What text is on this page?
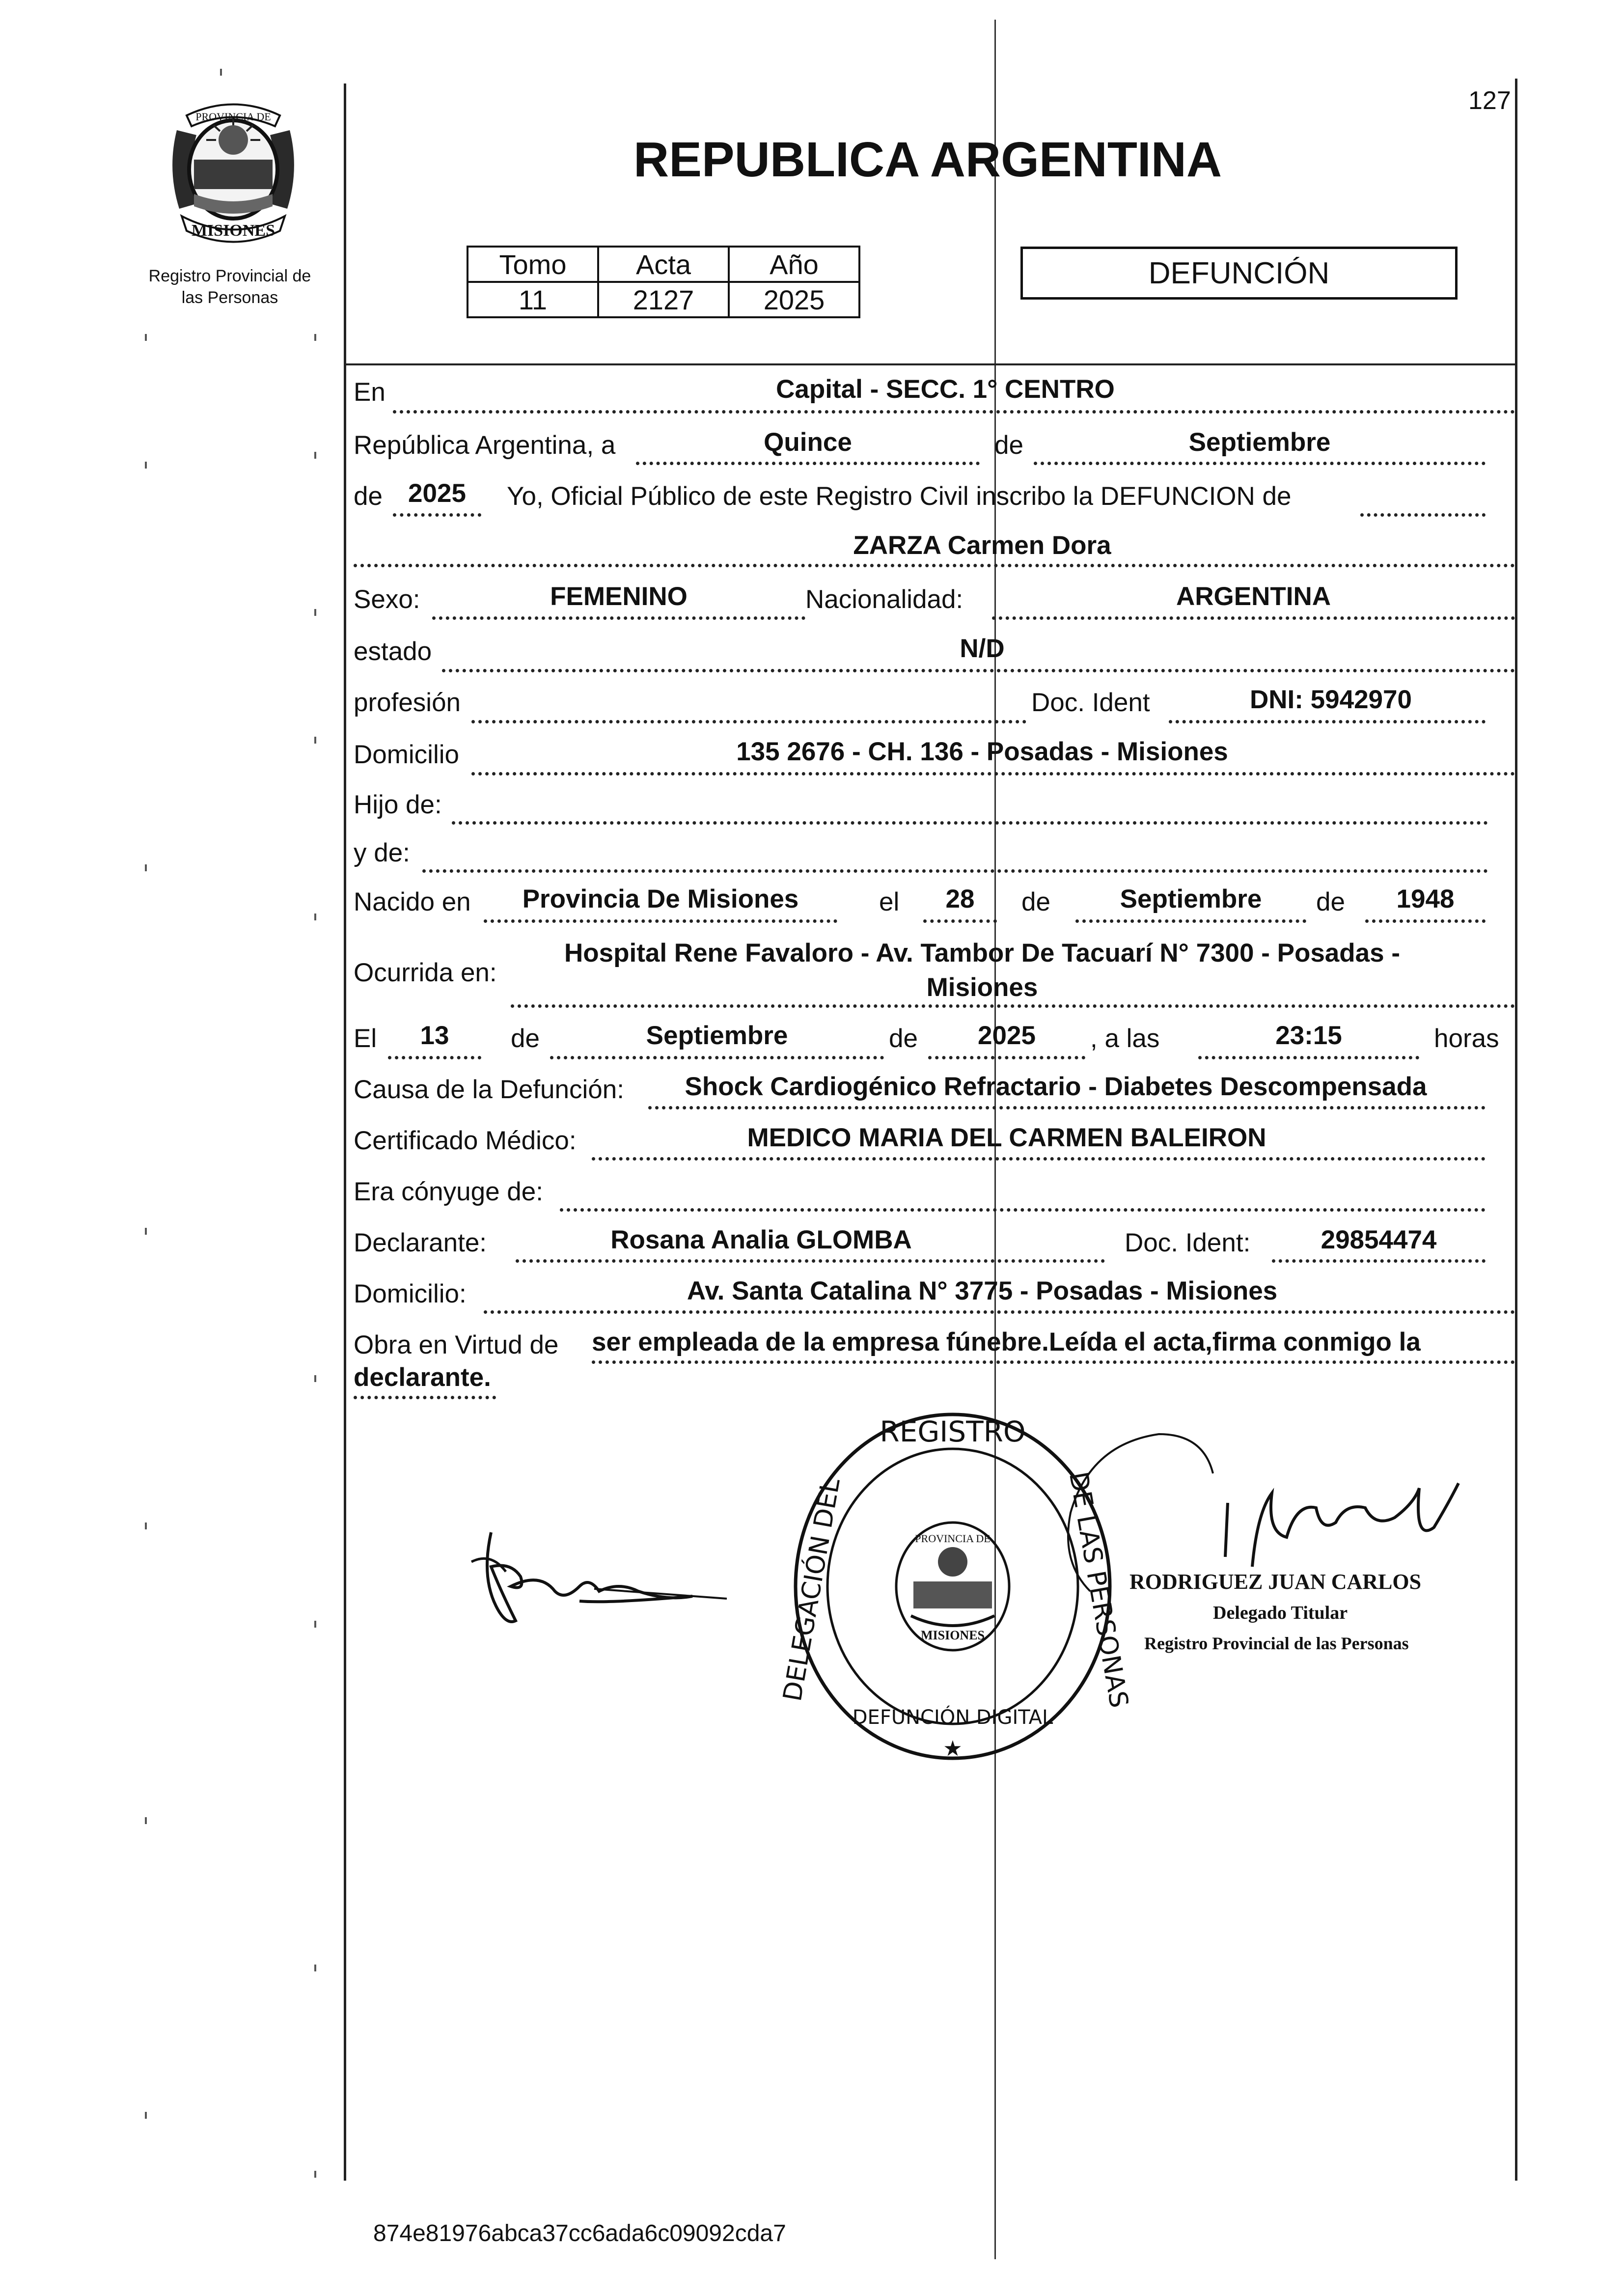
PROVINCIA DE
MISIONES
Registro Provincial de
las Personas
127
REPUBLICA ARGENTINA
Tomo	Acta	Año
11	2127	2025
DEFUNCIÓN
En	Capital - SECC. 1° CENTRO
República Argentina, a	Quince	de	Septiembre
de 2025	Yo, Oficial Público de este Registro Civil inscribo la DEFUNCION de
ZARZA Carmen Dora
Sexo:	FEMENINO	Nacionalidad:	ARGENTINA
estado	N/D
profesión	Doc. Ident	DNI: 5942970
Domicilio	135 2676 - CH. 136 - Posadas - Misiones
Hijo de:
y de:
Nacido en	Provincia De Misiones	el	28	de	Septiembre	de	1948
Ocurrida en:
Hospital Rene Favaloro - Av. Tambor De Tacuarí N° 7300 - Posadas -
Misiones
El	13	de	Septiembre	de	2025	, a las	23:15	horas
Causa de la Defunción:	Shock Cardiogénico Refractario - Diabetes Descompensada
Certificado Médico:	MEDICO MARIA DEL CARMEN BALEIRON
Era cónyuge de:
Declarante:	Rosana Analia GLOMBA	Doc. Ident:	29854474
Domicilio:	Av. Santa Catalina N° 3775 - Posadas - Misiones
Obra en Virtud de ser empleada de la empresa fúnebre.Leída el acta,firma conmigo la
declarante.
REGISTRO
DELEGACIÓN DEL	DE LAS PERSONAS
DEFUNCIÓN DIGITAL
★
PROVINCIA DE
MISIONES
RODRIGUEZ JUAN CARLOS
Delegado Titular
Registro Provincial de las Personas
874e81976abca37cc6ada6c09092cda7
